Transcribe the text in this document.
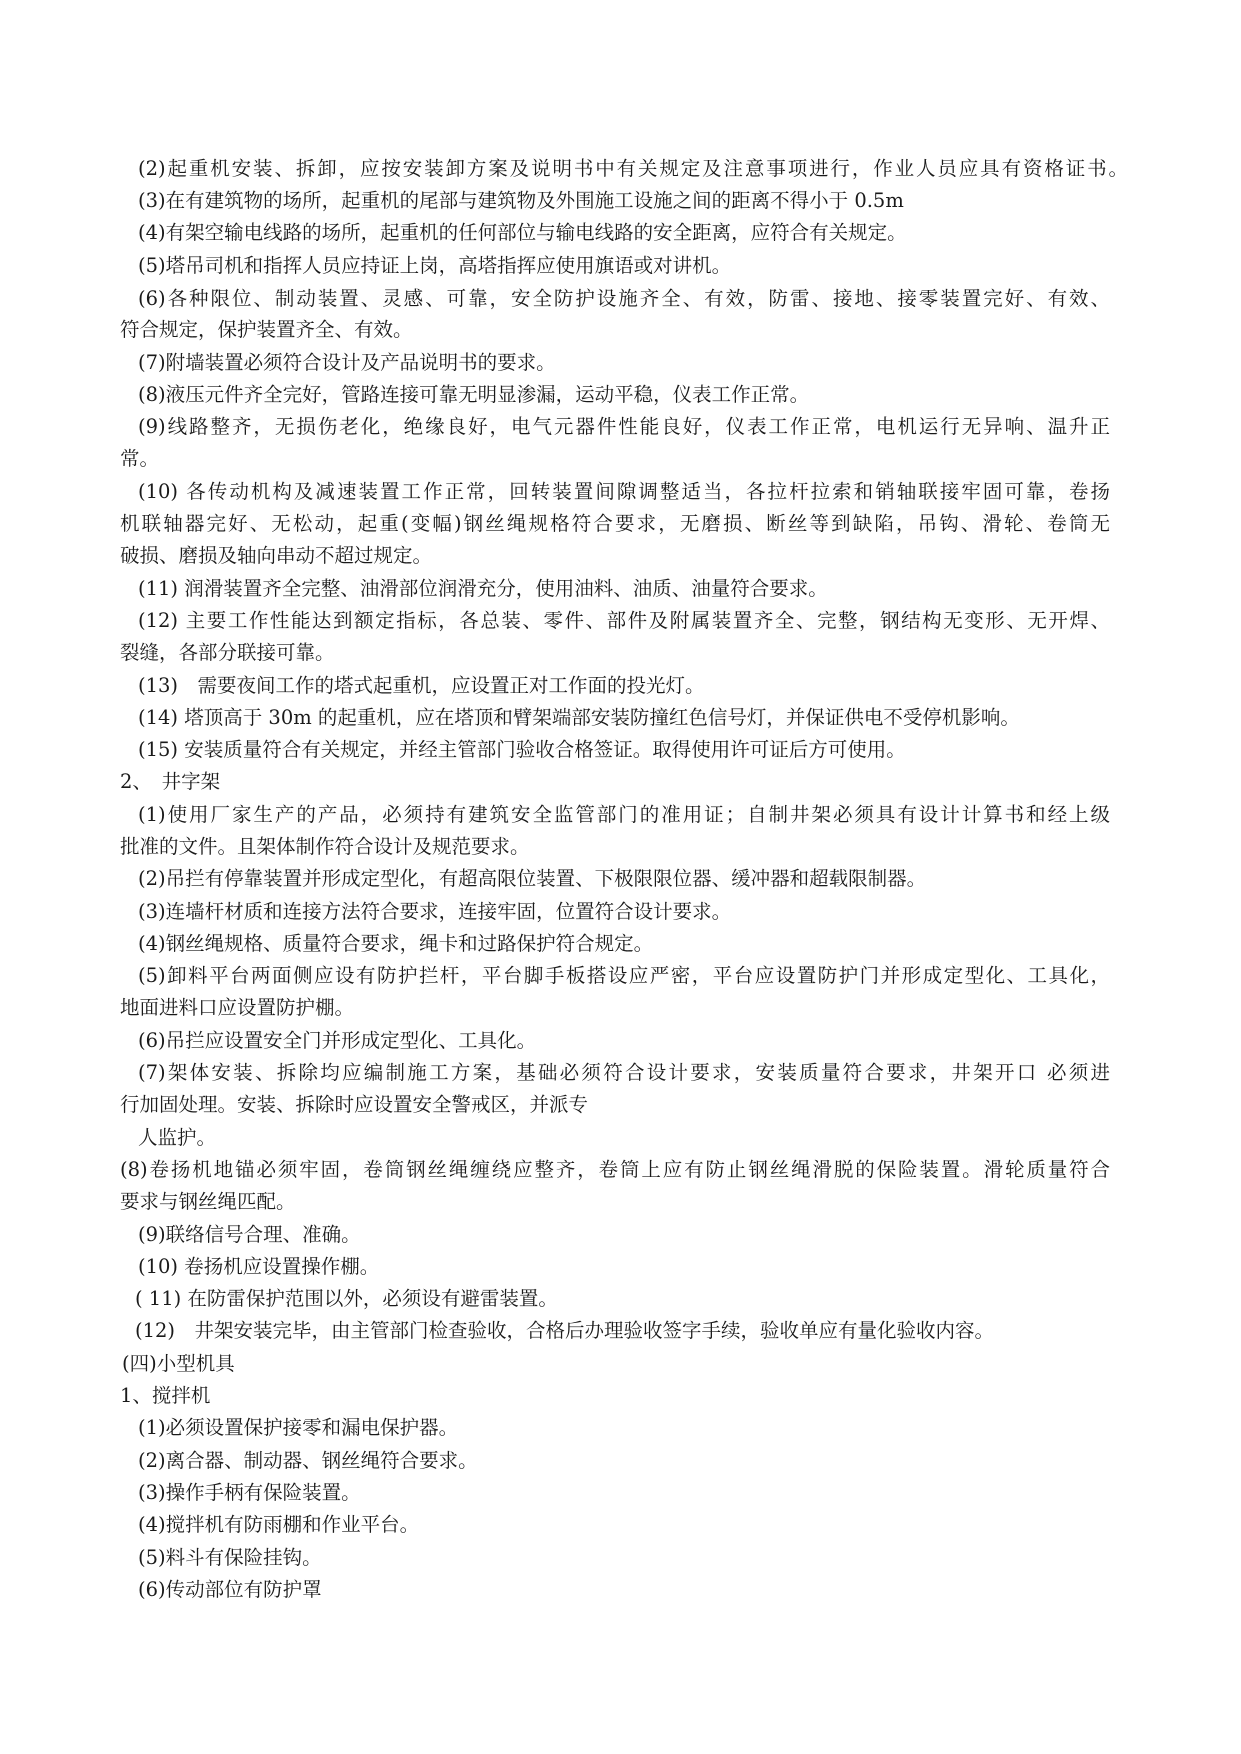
(2)起重机安装、拆卸，应按安装卸方案及说明书中有关规定及注意事项进行，作业人员应具有资格证书。
(3)在有建筑物的场所，起重机的尾部与建筑物及外围施工设施之间的距离不得小于 0.5m
(4)有架空输电线路的场所，起重机的任何部位与输电线路的安全距离，应符合有关规定。
(5)塔吊司机和指挥人员应持证上岗，高塔指挥应使用旗语或对讲机。
(6)各种限位、制动装置、灵感、可靠，安全防护设施齐全、有效，防雷、接地、接零装置完好、有效、
符合规定，保护装置齐全、有效。
(7)附墙装置必须符合设计及产品说明书的要求。
(8)液压元件齐全完好，管路连接可靠无明显渗漏，运动平稳，仪表工作正常。
(9)线路整齐，无损伤老化，绝缘良好，电气元器件性能良好，仪表工作正常，电机运行无异响、温升正
常。
(10) 各传动机构及减速装置工作正常，回转装置间隙调整适当，各拉杆拉索和销轴联接牢固可靠，卷扬
机联轴器完好、无松动，起重(变幅)钢丝绳规格符合要求，无磨损、断丝等到缺陷，吊钩、滑轮、卷筒无
破损、磨损及轴向串动不超过规定。
(11) 润滑装置齐全完整、油滑部位润滑充分，使用油料、油质、油量符合要求。
(12) 主要工作性能达到额定指标，各总装、零件、部件及附属装置齐全、完整，钢结构无变形、无开焊、
裂缝，各部分联接可靠。
(13)　需要夜间工作的塔式起重机，应设置正对工作面的投光灯。
(14) 塔顶高于 30m 的起重机，应在塔顶和臂架端部安装防撞红色信号灯，并保证供电不受停机影响。
(15) 安装质量符合有关规定，并经主管部门验收合格签证。取得使用许可证后方可使用。
2、　井字架
(1)使用厂家生产的产品，必须持有建筑安全监管部门的准用证；自制井架必须具有设计计算书和经上级
批准的文件。且架体制作符合设计及规范要求。
(2)吊拦有停靠装置并形成定型化，有超高限位装置、下极限限位器、缓冲器和超载限制器。
(3)连墙杆材质和连接方法符合要求，连接牢固，位置符合设计要求。
(4)钢丝绳规格、质量符合要求，绳卡和过路保护符合规定。
(5)卸料平台两面侧应设有防护拦杆，平台脚手板搭设应严密，平台应设置防护门并形成定型化、工具化，
地面进料口应设置防护棚。
(6)吊拦应设置安全门并形成定型化、工具化。
(7)架体安装、拆除均应编制施工方案，基础必须符合设计要求，安装质量符合要求，井架开口 必须进
行加固处理。安装、拆除时应设置安全警戒区，并派专
人监护。
(8)卷扬机地锚必须牢固，卷筒钢丝绳缠绕应整齐，卷筒上应有防止钢丝绳滑脱的保险装置。滑轮质量符合
要求与钢丝绳匹配。
(9)联络信号合理、准确。
(10) 卷扬机应设置操作棚。
( 11) 在防雷保护范围以外，必须设有避雷装置。
(12)　井架安装完毕，由主管部门检查验收，合格后办理验收签字手续，验收单应有量化验收内容。
(四)小型机具
1、搅拌机
(1)必须设置保护接零和漏电保护器。
(2)离合器、制动器、钢丝绳符合要求。
(3)操作手柄有保险装置。
(4)搅拌机有防雨棚和作业平台。
(5)料斗有保险挂钩。
(6)传动部位有防护罩
